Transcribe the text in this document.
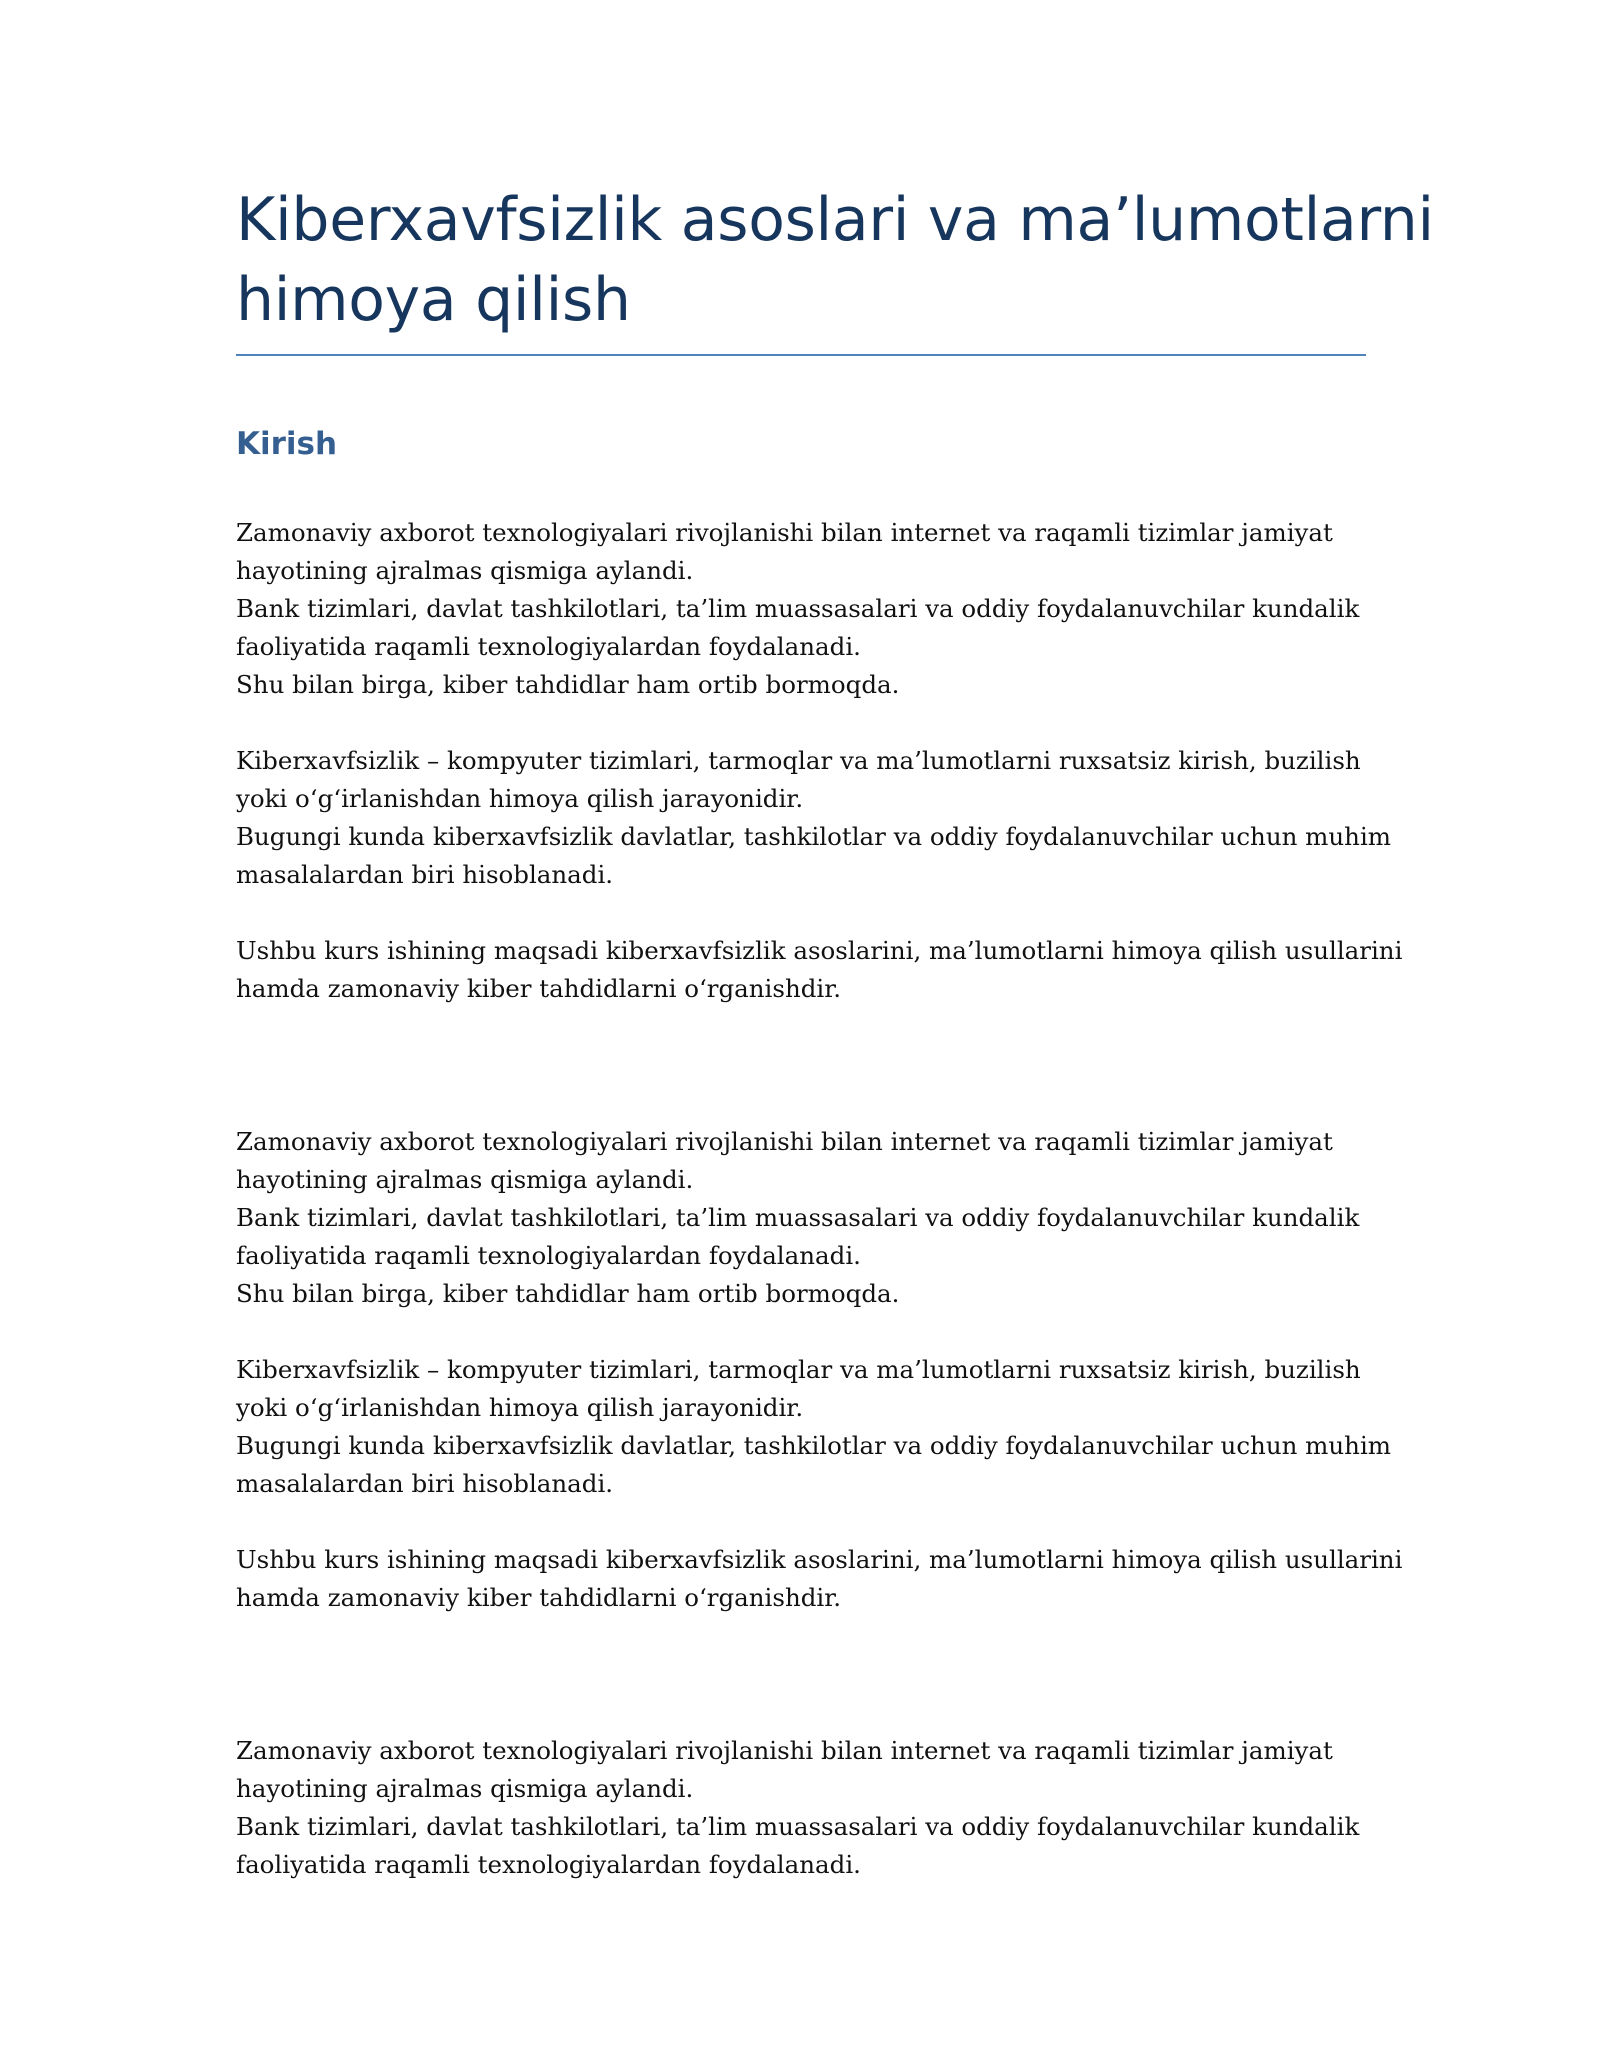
Kiberxavfsizlik asoslari va ma’lumotlarni
himoya qilish
Kirish

Zamonaviy axborot texnologiyalari rivojlanishi bilan internet va raqamli tizimlar jamiyat
hayotining ajralmas qismiga aylandi.
Bank tizimlari, davlat tashkilotlari, ta’lim muassasalari va oddiy foydalanuvchilar kundalik
faoliyatida raqamli texnologiyalardan foydalanadi.
Shu bilan birga, kiber tahdidlar ham ortib bormoqda.

Kiberxavfsizlik – kompyuter tizimlari, tarmoqlar va ma’lumotlarni ruxsatsiz kirish, buzilish
yoki o‘g‘irlanishdan himoya qilish jarayonidir.
Bugungi kunda kiberxavfsizlik davlatlar, tashkilotlar va oddiy foydalanuvchilar uchun muhim
masalalardan biri hisoblanadi.

Ushbu kurs ishining maqsadi kiberxavfsizlik asoslarini, ma’lumotlarni himoya qilish usullarini
hamda zamonaviy kiber tahdidlarni o‘rganishdir.

Zamonaviy axborot texnologiyalari rivojlanishi bilan internet va raqamli tizimlar jamiyat
hayotining ajralmas qismiga aylandi.
Bank tizimlari, davlat tashkilotlari, ta’lim muassasalari va oddiy foydalanuvchilar kundalik
faoliyatida raqamli texnologiyalardan foydalanadi.
Shu bilan birga, kiber tahdidlar ham ortib bormoqda.

Kiberxavfsizlik – kompyuter tizimlari, tarmoqlar va ma’lumotlarni ruxsatsiz kirish, buzilish
yoki o‘g‘irlanishdan himoya qilish jarayonidir.
Bugungi kunda kiberxavfsizlik davlatlar, tashkilotlar va oddiy foydalanuvchilar uchun muhim
masalalardan biri hisoblanadi.

Ushbu kurs ishining maqsadi kiberxavfsizlik asoslarini, ma’lumotlarni himoya qilish usullarini
hamda zamonaviy kiber tahdidlarni o‘rganishdir.

Zamonaviy axborot texnologiyalari rivojlanishi bilan internet va raqamli tizimlar jamiyat
hayotining ajralmas qismiga aylandi.
Bank tizimlari, davlat tashkilotlari, ta’lim muassasalari va oddiy foydalanuvchilar kundalik
faoliyatida raqamli texnologiyalardan foydalanadi.
